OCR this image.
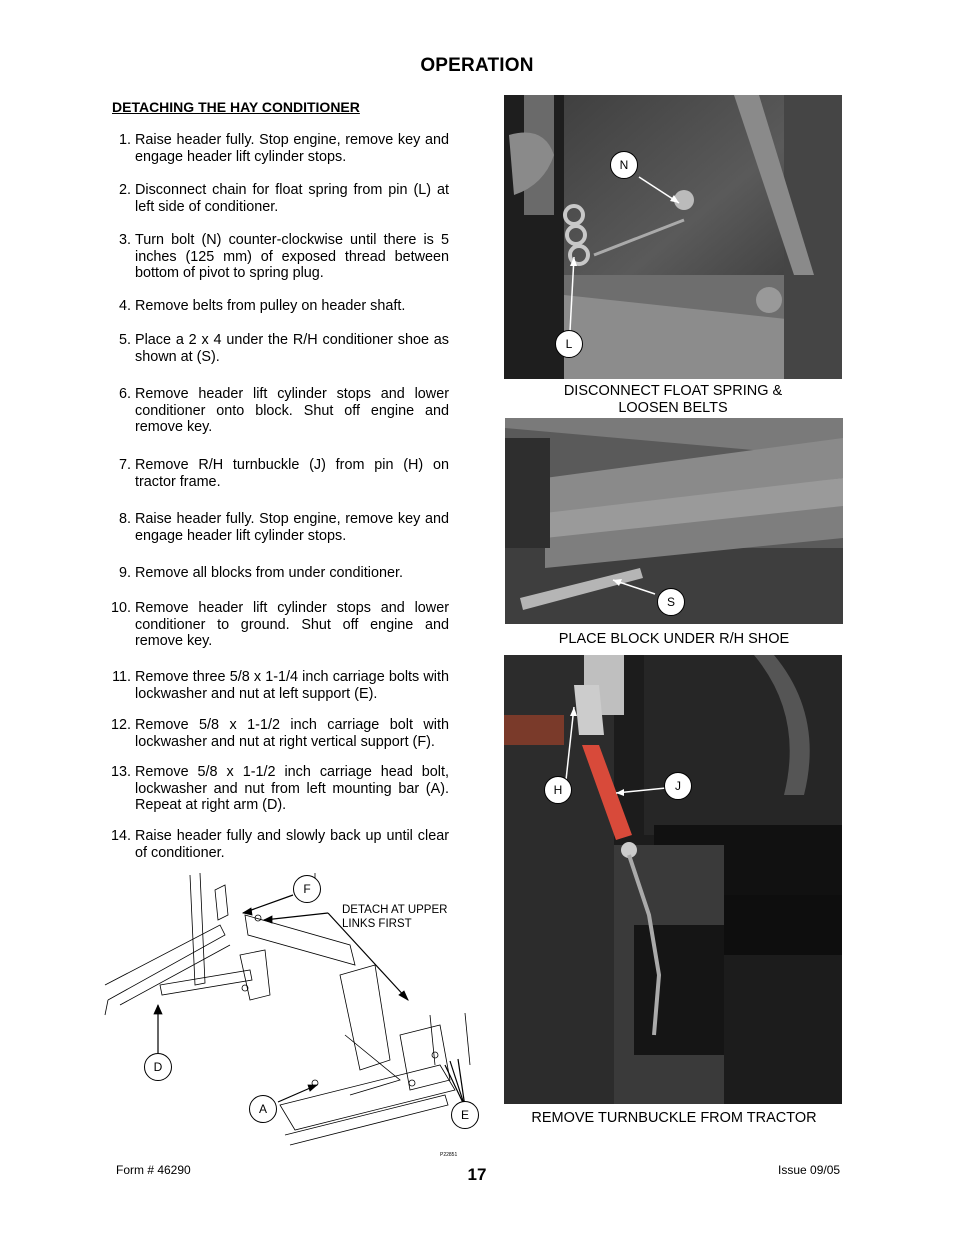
OPERATION
DETACHING THE HAY CONDITIONER
1. Raise header fully. Stop engine, remove key and engage header lift cylinder stops.
2. Disconnect chain for float spring from pin (L) at left side of conditioner.
3. Turn bolt (N) counter-clockwise until there is 5 inches (125 mm) of exposed thread between bottom of pivot to spring plug.
4. Remove belts from pulley on header shaft.
5. Place a 2 x 4 under the R/H conditioner shoe as shown at (S).
6. Remove header lift cylinder stops and lower conditioner onto block. Shut off engine and remove key.
7. Remove R/H turnbuckle (J) from pin (H) on tractor frame.
8. Raise header fully. Stop engine, remove key and engage header lift cylinder stops.
9. Remove all blocks from under conditioner.
10. Remove header lift cylinder stops and lower conditioner to ground. Shut off engine and remove key.
11. Remove three 5/8 x 1-1/4 inch carriage bolts with lockwasher and nut at left support (E).
12. Remove 5/8 x 1-1/2 inch carriage bolt with lockwasher and nut at right vertical support (F).
13. Remove 5/8 x 1-1/2 inch carriage head bolt, lockwasher and nut from left mounting bar (A). Repeat at right arm (D).
14. Raise header fully and slowly back up until clear of conditioner.
N
L
DISCONNECT FLOAT SPRING & LOOSEN BELTS
S
PLACE BLOCK UNDER R/H SHOE
H	J
REMOVE TURNBUCKLE FROM TRACTOR
F
D
A	E
P22851
DETACH AT UPPER LINKS FIRST
Form # 46290	17	Issue 09/05
